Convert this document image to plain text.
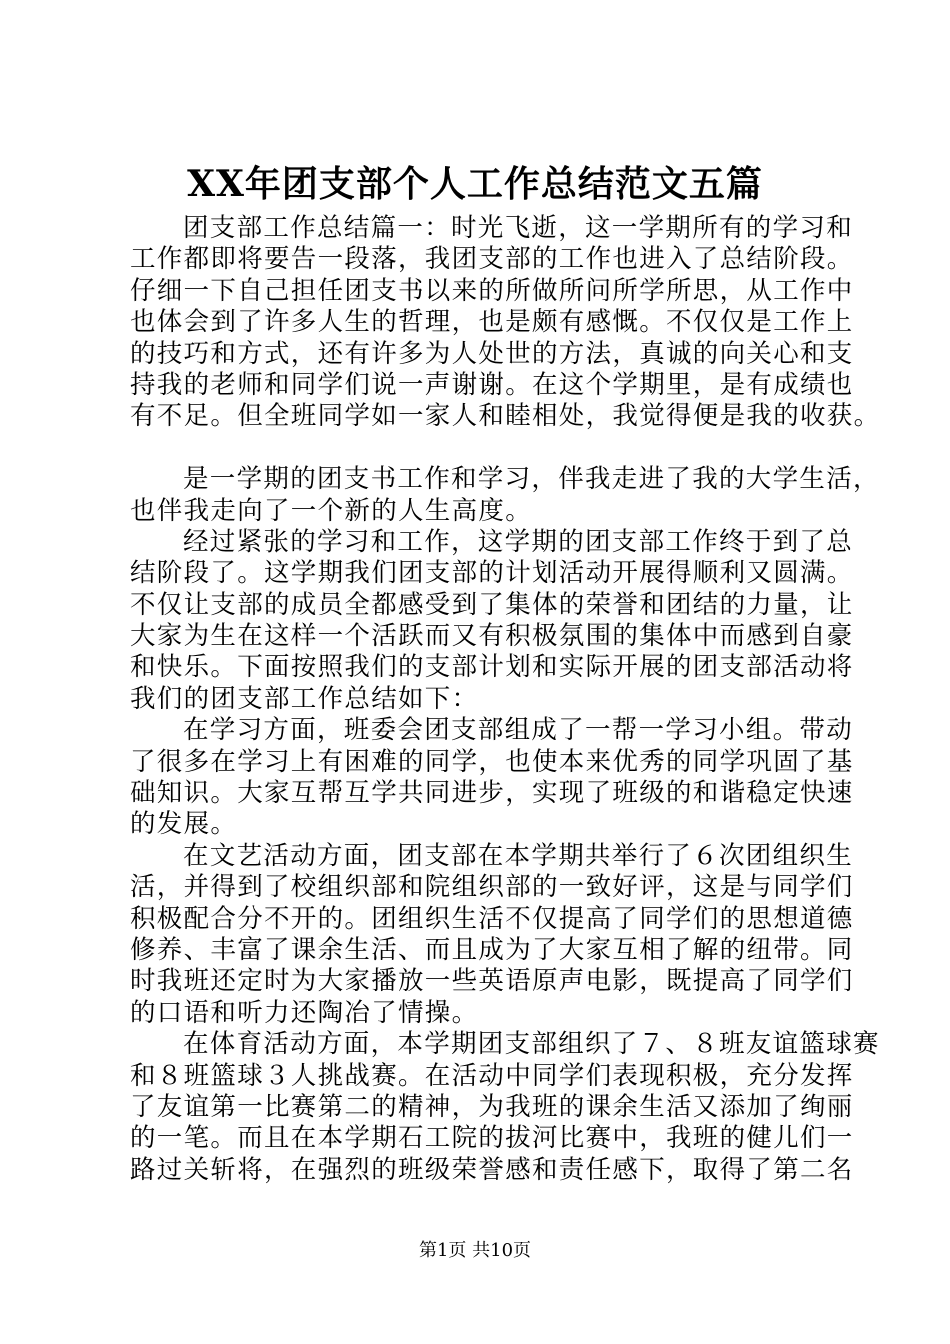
XX年团支部个人工作总结范文五篇
团支部工作总结篇一：时光飞逝，这一学期所有的学习和
工作都即将要告一段落，我团支部的工作也进入了总结阶段。
仔细一下自己担任团支书以来的所做所问所学所思，从工作中
也体会到了许多人生的哲理，也是颇有感慨。不仅仅是工作上
的技巧和方式，还有许多为人处世的方法，真诚的向关心和支
持我的老师和同学们说一声谢谢。在这个学期里，是有成绩也
有不足。但全班同学如一家人和睦相处，我觉得便是我的收获。
是一学期的团支书工作和学习，伴我走进了我的大学生活，
也伴我走向了一个新的人生高度。
经过紧张的学习和工作，这学期的团支部工作终于到了总
结阶段了。这学期我们团支部的计划活动开展得顺利又圆满。
不仅让支部的成员全都感受到了集体的荣誉和团结的力量，让
大家为生在这样一个活跃而又有积极氛围的集体中而感到自豪
和快乐。下面按照我们的支部计划和实际开展的团支部活动将
我们的团支部工作总结如下：
在学习方面，班委会团支部组成了一帮一学习小组。带动
了很多在学习上有困难的同学，也使本来优秀的同学巩固了基
础知识。大家互帮互学共同进步，实现了班级的和谐稳定快速
的发展。
在文艺活动方面，团支部在本学期共举行了６次团组织生
活，并得到了校组织部和院组织部的一致好评，这是与同学们
积极配合分不开的。团组织生活不仅提高了同学们的思想道德
修养、丰富了课余生活、而且成为了大家互相了解的纽带。同
时我班还定时为大家播放一些英语原声电影，既提高了同学们
的口语和听力还陶冶了情操。
在体育活动方面，本学期团支部组织了７、８班友谊篮球赛
和８班篮球３人挑战赛。在活动中同学们表现积极，充分发挥
了友谊第一比赛第二的精神，为我班的课余生活又添加了绚丽
的一笔。而且在本学期石工院的拔河比赛中，我班的健儿们一
路过关斩将，在强烈的班级荣誉感和责任感下，取得了第二名
第1页 共10页
